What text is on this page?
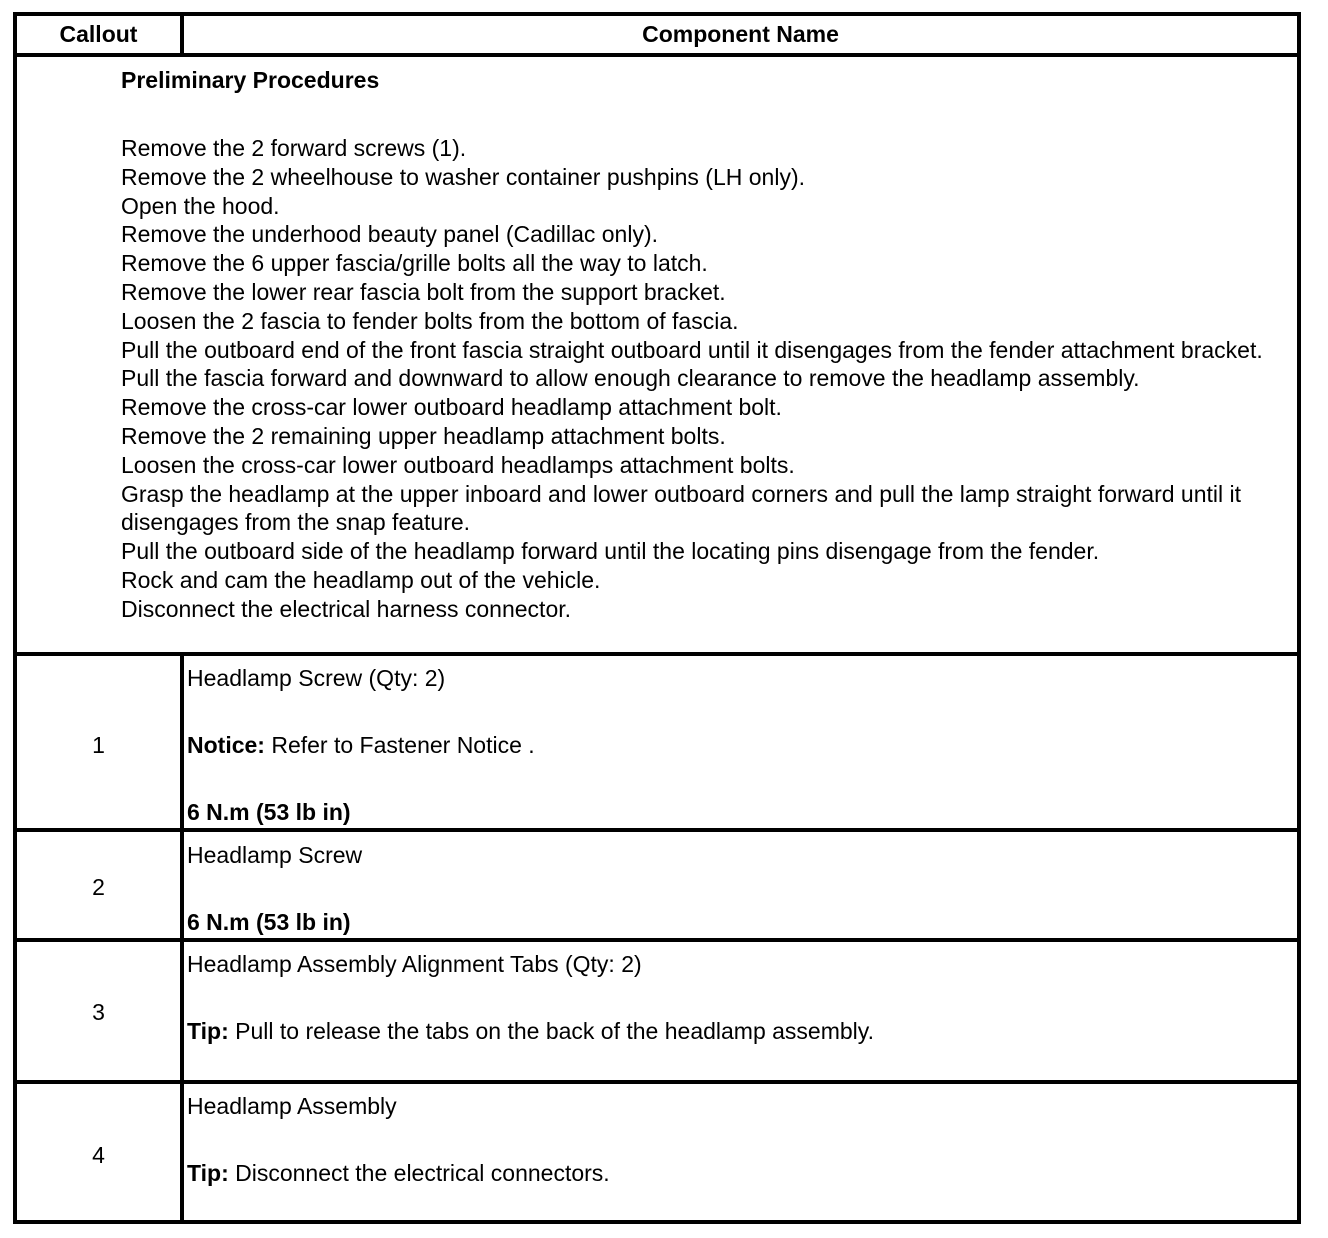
Callout	Component Name
Preliminary Procedures
Remove the 2 forward screws (1).
Remove the 2 wheelhouse to washer container pushpins (LH only).
Open the hood.
Remove the underhood beauty panel (Cadillac only).
Remove the 6 upper fascia/grille bolts all the way to latch.
Remove the lower rear fascia bolt from the support bracket.
Loosen the 2 fascia to fender bolts from the bottom of fascia.
Pull the outboard end of the front fascia straight outboard until it disengages from the fender attachment bracket.
Pull the fascia forward and downward to allow enough clearance to remove the headlamp assembly.
Remove the cross-car lower outboard headlamp attachment bolt.
Remove the 2 remaining upper headlamp attachment bolts.
Loosen the cross-car lower outboard headlamps attachment bolts.
Grasp the headlamp at the upper inboard and lower outboard corners and pull the lamp straight forward until it disengages from the snap feature.
Pull the outboard side of the headlamp forward until the locating pins disengage from the fender.
Rock and cam the headlamp out of the vehicle.
Disconnect the electrical harness connector.
1
Headlamp Screw (Qty: 2)
Notice: Refer to Fastener Notice .
6 N.m (53 lb in)
2
Headlamp Screw
6 N.m (53 lb in)
3
Headlamp Assembly Alignment Tabs (Qty: 2)
Tip: Pull to release the tabs on the back of the headlamp assembly.
4
Headlamp Assembly
Tip: Disconnect the electrical connectors.
